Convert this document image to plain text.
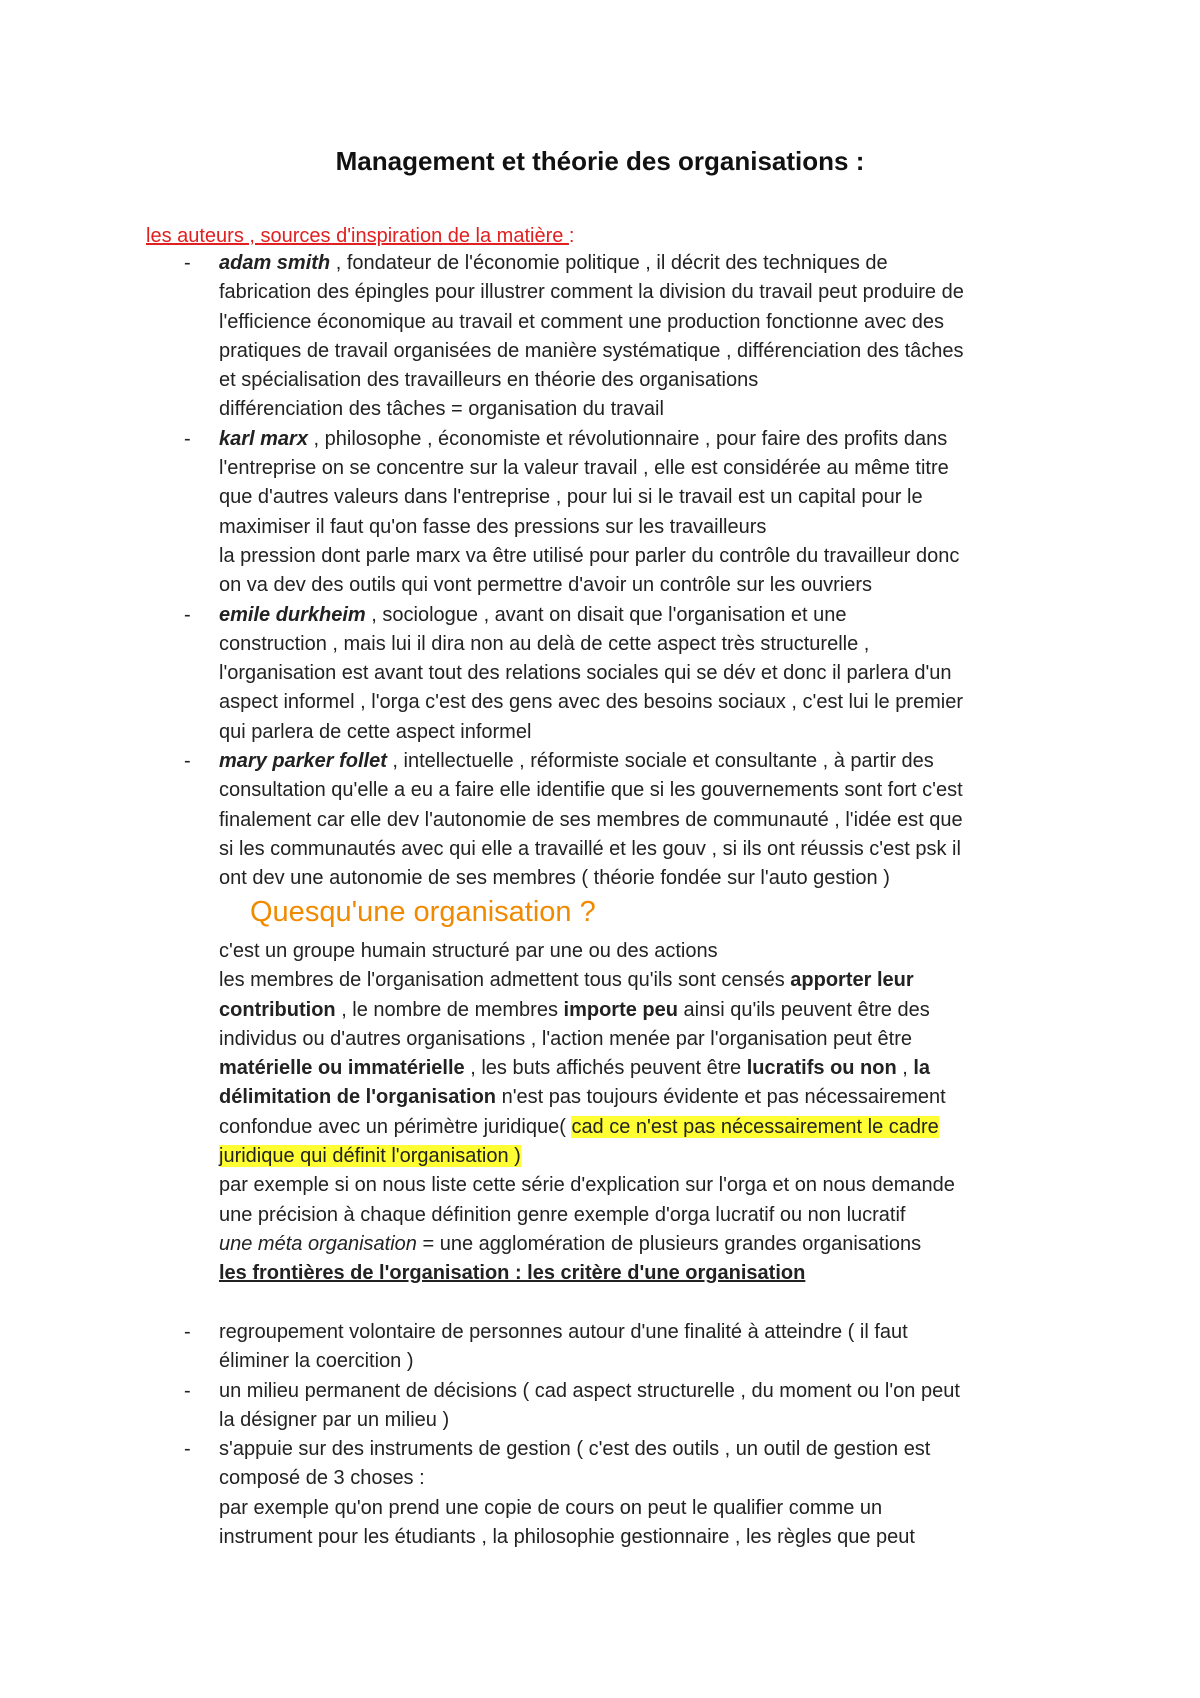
Management et théorie des organisations :
les auteurs , sources d'inspiration de la matière :
- adam smith , fondateur de l'économie politique , il décrit des techniques de
fabrication des épingles pour illustrer comment la division du travail peut produire de
l'efficience économique au travail et comment une production fonctionne avec des
pratiques de travail organisées de manière systématique , différenciation des tâches
et spécialisation des travailleurs en théorie des organisations
différenciation des tâches = organisation du travail
- karl marx , philosophe , économiste et révolutionnaire , pour faire des profits dans
l'entreprise on se concentre sur la valeur travail , elle est considérée au même titre
que d'autres valeurs dans l'entreprise , pour lui si le travail est un capital pour le
maximiser il faut qu'on fasse des pressions sur les travailleurs
la pression dont parle marx va être utilisé pour parler du contrôle du travailleur donc
on va dev des outils qui vont permettre d'avoir un contrôle sur les ouvriers
- emile durkheim , sociologue , avant on disait que l'organisation et une
construction , mais lui il dira non au delà de cette aspect très structurelle ,
l'organisation est avant tout des relations sociales qui se dév et donc il parlera d'un
aspect informel , l'orga c'est des gens avec des besoins sociaux , c'est lui le premier
qui parlera de cette aspect informel
- mary parker follet , intellectuelle , réformiste sociale et consultante , à partir des
consultation qu'elle a eu a faire elle identifie que si les gouvernements sont fort c'est
finalement car elle dev l'autonomie de ses membres de communauté , l'idée est que
si les communautés avec qui elle a travaillé et les gouv , si ils ont réussis c'est psk il
ont dev une autonomie de ses membres ( théorie fondée sur l'auto gestion )
Quesqu'une organisation ?
c'est un groupe humain structuré par une ou des actions
les membres de l'organisation admettent tous qu'ils sont censés apporter leur
contribution , le nombre de membres importe peu ainsi qu'ils peuvent être des
individus ou d'autres organisations , l'action menée par l'organisation peut être
matérielle ou immatérielle , les buts affichés peuvent être lucratifs ou non , la
délimitation de l'organisation n'est pas toujours évidente et pas nécessairement
confondue avec un périmètre juridique( cad ce n'est pas nécessairement le cadre
juridique qui définit l'organisation )
par exemple si on nous liste cette série d'explication sur l'orga et on nous demande
une précision à chaque définition genre exemple d'orga lucratif ou non lucratif
une méta organisation = une agglomération de plusieurs grandes organisations
les frontières de l'organisation : les critère d'une organisation
- regroupement volontaire de personnes autour d'une finalité à atteindre ( il faut
éliminer la coercition )
- un milieu permanent de décisions ( cad aspect structurelle , du moment ou l'on peut
la désigner par un milieu )
- s'appuie sur des instruments de gestion ( c'est des outils , un outil de gestion est
composé de 3 choses :
par exemple qu'on prend une copie de cours on peut le qualifier comme un
instrument pour les étudiants , la philosophie gestionnaire , les règles que peut
